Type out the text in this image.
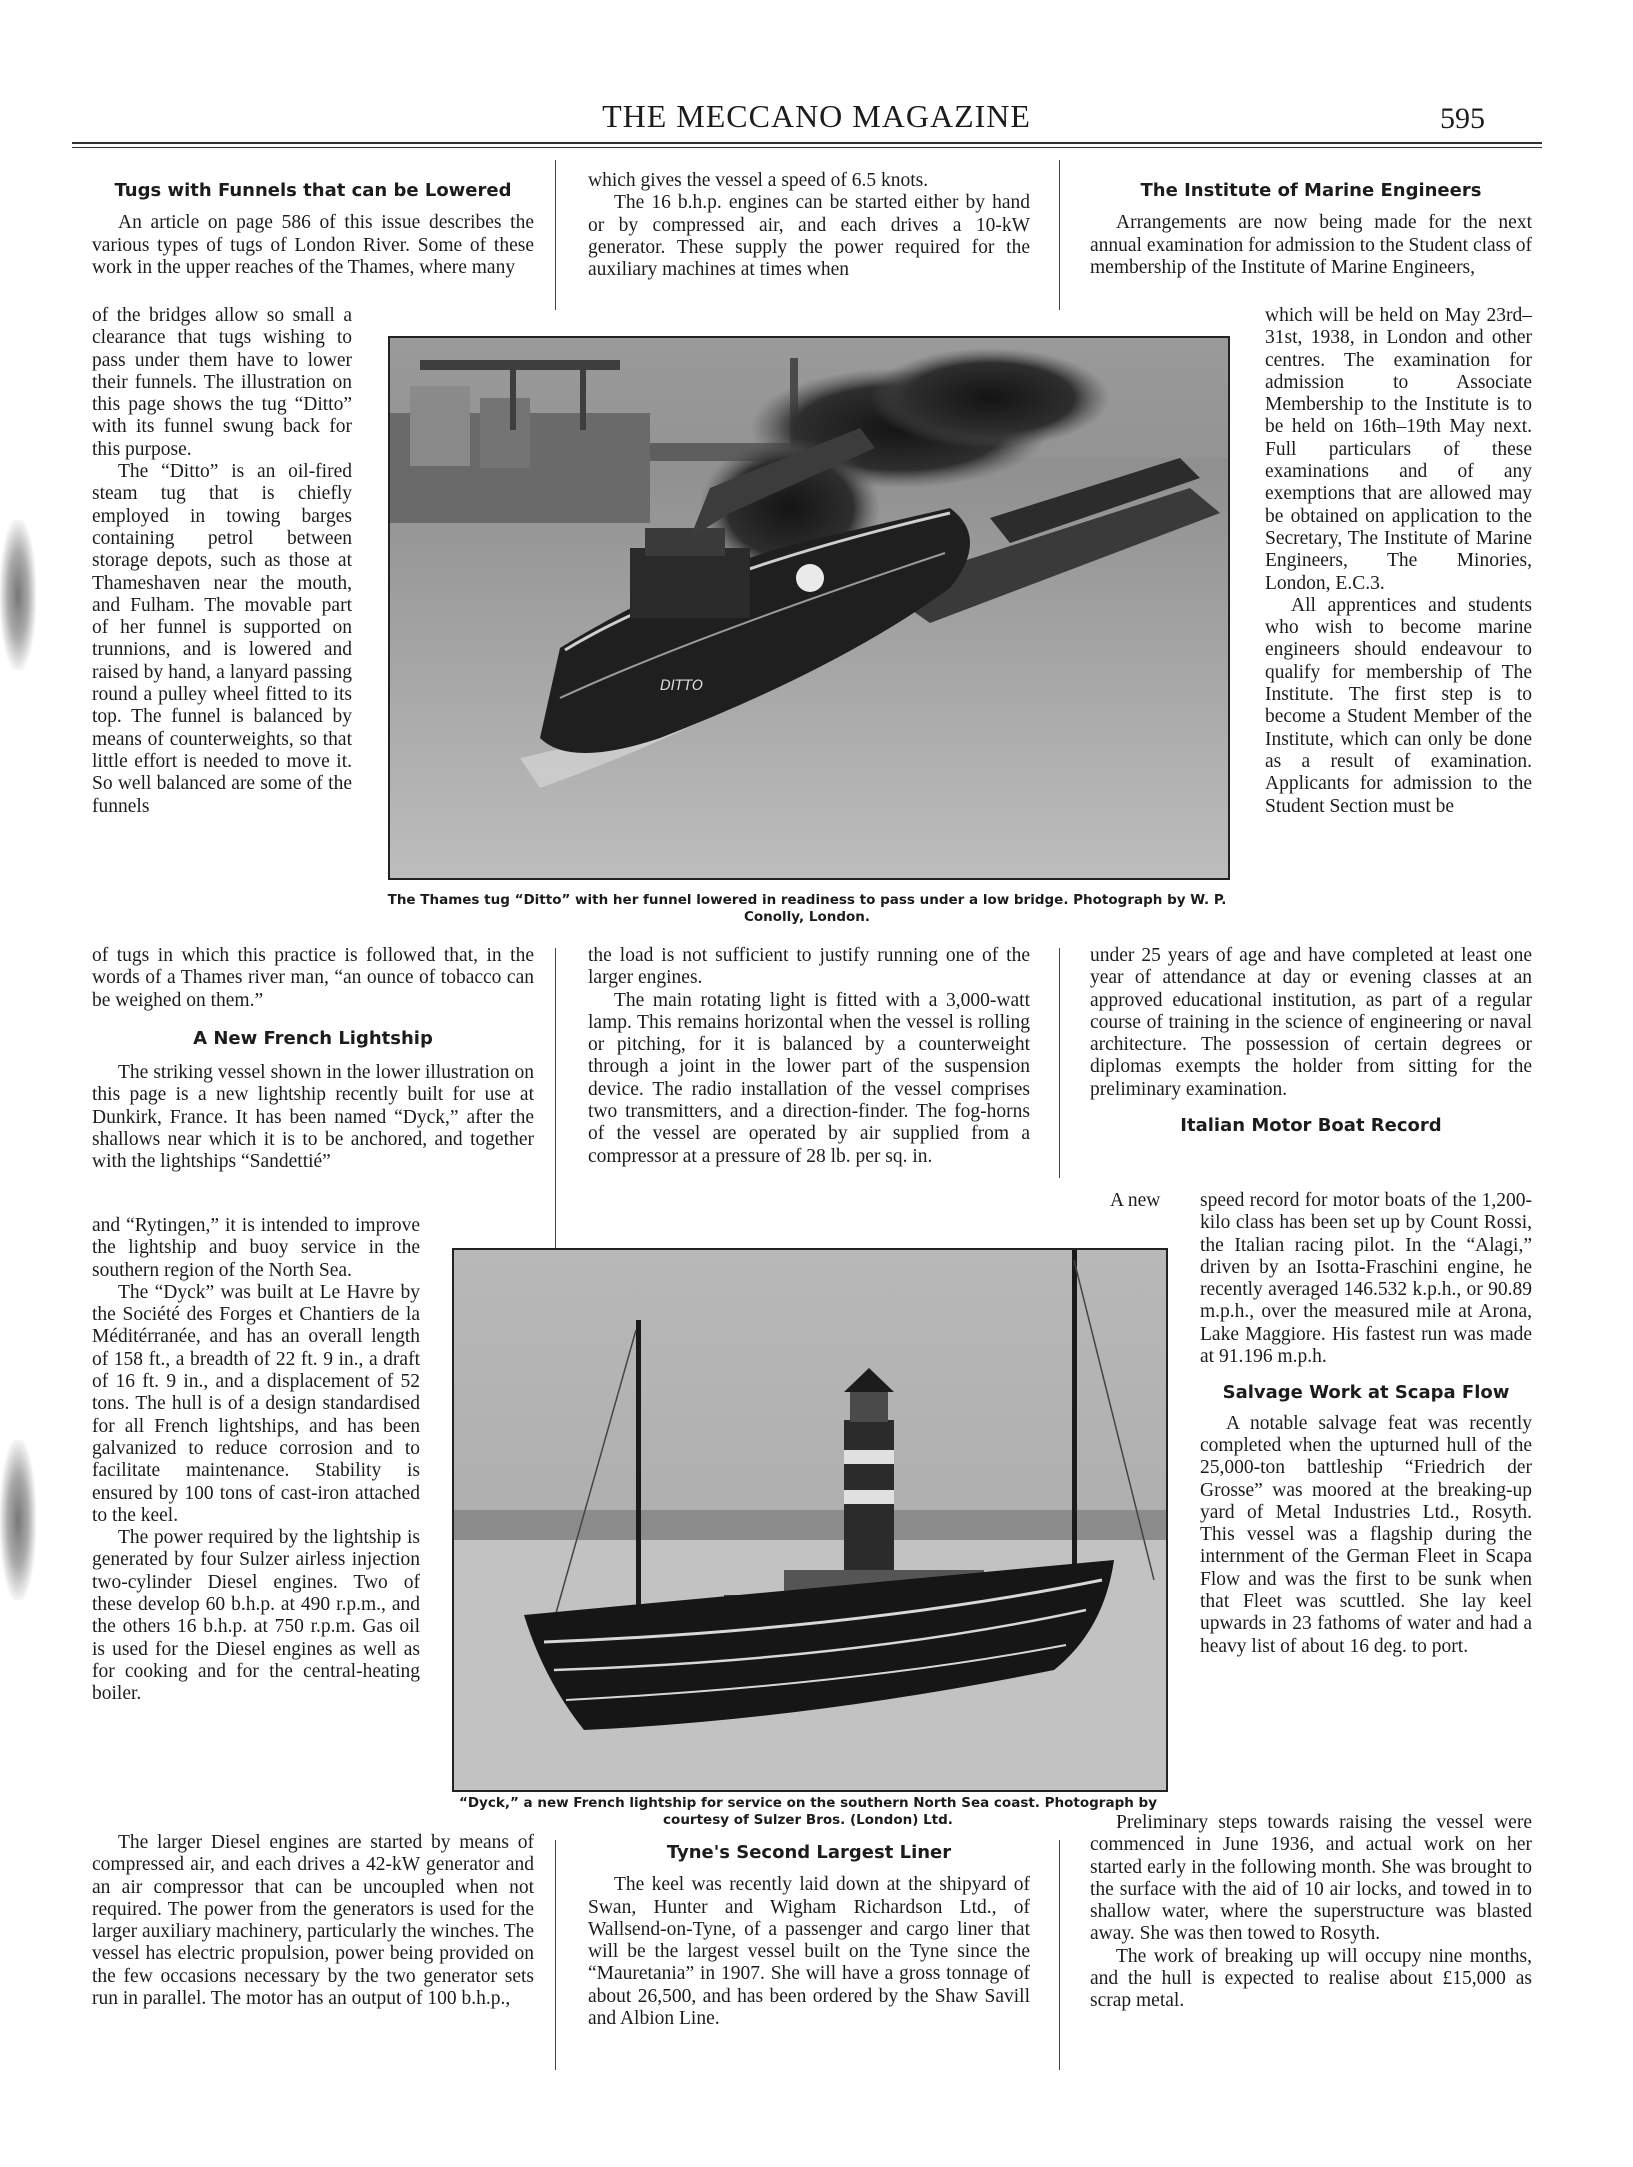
THE MECCANO MAGAZINE	595
Tugs with Funnels that can be Lowered

An article on page 586 of this issue describes the various types of tugs of London River. Some of these work in the upper reaches of the Thames, where many

of the bridges allow so small a clearance that tugs wishing to pass under them have to lower their funnels. The illustration on this page shows the tug “Ditto” with its funnel swung back for this purpose.

The “Ditto” is an oil-fired steam tug that is chiefly employed in towing barges containing petrol between storage depots, such as those at Thameshaven near the mouth, and Fulham. The movable part of her funnel is supported on trunnions, and is lowered and raised by hand, a lanyard passing round a pulley wheel fitted to its top. The funnel is balanced by means of counterweights, so that little effort is needed to move it. So well balanced are some of the funnels

of tugs in which this practice is followed that, in the words of a Thames river man, “an ounce of tobacco can be weighed on them.”

A New French Lightship

The striking vessel shown in the lower illustration on this page is a new lightship recently built for use at Dunkirk, France. It has been named “Dyck,” after the shallows near which it is to be anchored, and together with the lightships “Sandettié”

and “Rytingen,” it is intended to improve the lightship and buoy service in the southern region of the North Sea.

The “Dyck” was built at Le Havre by the Société des Forges et Chantiers de la Méditérranée, and has an overall length of 158 ft., a breadth of 22 ft. 9 in., a draft of 16 ft. 9 in., and a displacement of 52 tons. The hull is of a design standardised for all French lightships, and has been galvanized to reduce corrosion and to facilitate maintenance. Stability is ensured by 100 tons of cast-iron attached to the keel.

The power required by the lightship is generated by four Sulzer airless injection two-cylinder Diesel engines. Two of these develop 60 b.h.p. at 490 r.p.m., and the others 16 b.h.p. at 750 r.p.m. Gas oil is used for the Diesel engines as well as for cooking and for the central-heating boiler.

The larger Diesel engines are started by means of compressed air, and each drives a 42-kW generator and an air compressor that can be uncoupled when not required. The power from the generators is used for the larger auxiliary machinery, particularly the winches. The vessel has electric propulsion, power being provided on the few occasions necessary by the two generator sets run in parallel. The motor has an output of 100 b.h.p.,

which gives the vessel a speed of 6.5 knots.

The 16 b.h.p. engines can be started either by hand or by compressed air, and each drives a 10-kW generator. These supply the power required for the auxiliary machines at times when

The Institute of Marine Engineers

Arrangements are now being made for the next annual examination for admission to the Student class of membership of the Institute of Marine Engineers,

which will be held on May 23rd–31st, 1938, in London and other centres. The examination for admission to Associate Membership to the Institute is to be held on 16th–19th May next. Full particulars of these examinations and of any exemptions that are allowed may be obtained on application to the Secretary, The Institute of Marine Engineers, The Minories, London, E.C.3.

All apprentices and students who wish to become marine engineers should endeavour to qualify for membership of The Institute. The first step is to become a Student Member of the Institute, which can only be done as a result of examination. Applicants for admission to the Student Section must be

DITTO
The Thames tug “Ditto” with her funnel lowered in readiness to pass under a low bridge. Photograph by W. P. Conolly, London.

the load is not sufficient to justify running one of the larger engines.

The main rotating light is fitted with a 3,000-watt lamp. This remains horizontal when the vessel is rolling or pitching, for it is balanced by a counterweight through a joint in the lower part of the suspension device. The radio installation of the vessel comprises two transmitters, and a direction-finder. The fog-horns of the vessel are operated by air supplied from a compressor at a pressure of 28 lb. per sq. in.

under 25 years of age and have completed at least one year of attendance at day or evening classes at an approved educational institution, as part of a regular course of training in the science of engineering or naval architecture. The possession of certain degrees or diplomas exempts the holder from sitting for the preliminary examination.

Italian Motor Boat Record
A new	speed record for motor boats of the 1,200-kilo class has been set up by Count Rossi, the Italian racing pilot. In the “Alagi,” driven by an Isotta-Fraschini engine, he recently averaged 146.532 k.p.h., or 90.89 m.p.h., over the measured mile at Arona, Lake Maggiore. His fastest run was made at 91.196 m.p.h.

Salvage Work at Scapa Flow

A notable salvage feat was recently completed when the upturned hull of the 25,000-ton battleship “Friedrich der Grosse” was moored at the breaking-up yard of Metal Industries Ltd., Rosyth. This vessel was a flagship during the internment of the German Fleet in Scapa Flow and was the first to be sunk when that Fleet was scuttled. She lay keel upwards in 23 fathoms of water and had a heavy list of about 16 deg. to port.

Preliminary steps towards raising the vessel were commenced in June 1936, and actual work on her started early in the following month. She was brought to the surface with the aid of 10 air locks, and towed in to shallow water, where the superstructure was blasted away. She was then towed to Rosyth.

The work of breaking up will occupy nine months, and the hull is expected to realise about £15,000 as scrap metal.

“Dyck,” a new French lightship for service on the southern North Sea coast. Photograph by courtesy of Sulzer Bros. (London) Ltd.
Tyne's Second Largest Liner

The keel was recently laid down at the shipyard of Swan, Hunter and Wigham Richardson Ltd., of Wallsend-on-Tyne, of a passenger and cargo liner that will be the largest vessel built on the Tyne since the “Mauretania” in 1907. She will have a gross tonnage of about 26,500, and has been ordered by the Shaw Savill and Albion Line.
